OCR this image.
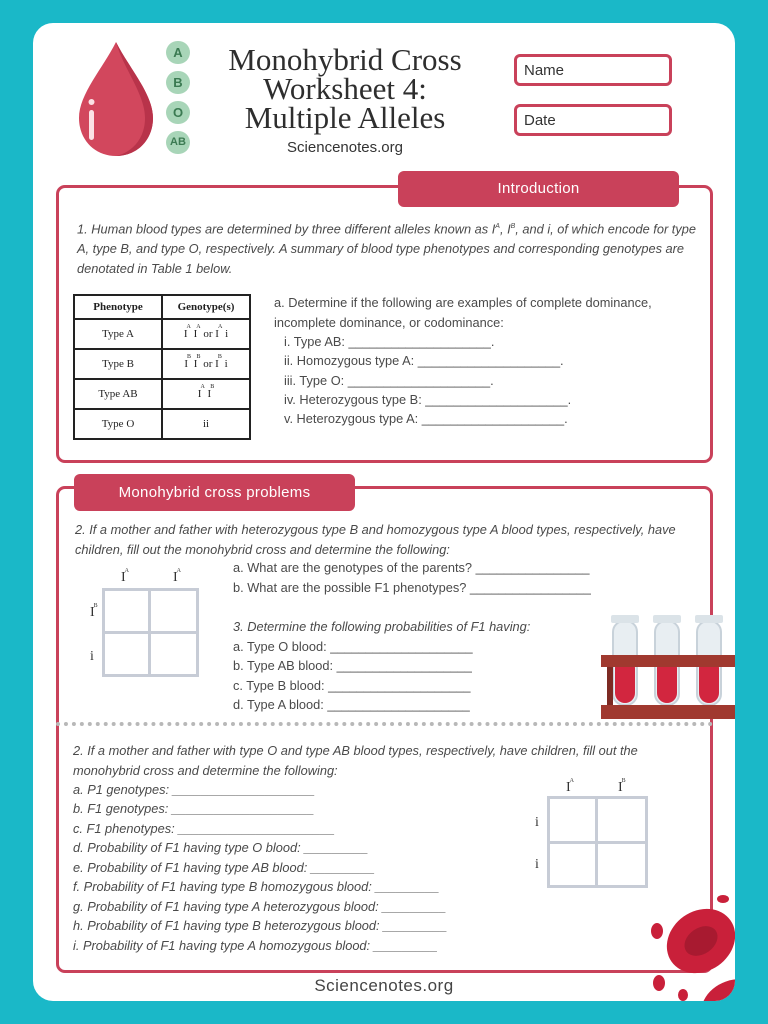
A
B
O
AB
Monohybrid Cross
Worksheet 4:
Multiple Alleles
Sciencenotes.org
Name
Date
Introduction
1. Human blood types are determined by three different alleles known as $I^A$, $I^B$, and i, of which encode for type A, type B, and type O, respectively. A summary of blood type phenotypes and corresponding genotypes are denotated in Table 1 below.
Phenotype	Genotype(s)
Type A	$I^A$ $I^A$ or $I^A$ i
Type B	$I^B$ $I^B$ or $I^B$ i
Type AB	$I^A$ $I^B$
Type O	ii
a. Determine if the following are examples of complete dominance, incomplete dominance, or codominance:
i. Type AB: ____________________.
ii. Homozygous type A: ____________________.
iii. Type O: ____________________.
iv. Heterozygous type B: ____________________.
v. Heterozygous type A: ____________________.
Monohybrid cross problems
2. If a mother and father with heterozygous type B and homozygous type A blood types, respectively, have children, fill out the monohybrid cross and determine the following:
a. What are the genotypes of the parents? ________________
b. What are the possible F1 phenotypes? _________________
$I^A$	$I^A$
$I^B$
i
3. Determine the following probabilities of F1 having:
a. Type O blood: ____________________
b. Type AB blood: ___________________
c. Type B blood: ____________________
d. Type A blood: ____________________
2. If a mother and father with type O and type AB blood types, respectively, have children, fill out the monohybrid cross and determine the following:
a. P1 genotypes: ____________________
b. F1 genotypes: ____________________
c. F1 phenotypes: ______________________
d. Probability of F1 having type O blood: _________
e. Probability of F1 having type AB blood: _________
f. Probability of F1 having type B homozygous blood: _________
g. Probability of F1 having type A heterozygous blood: _________
h. Probability of F1 having type B heterozygous blood: _________
i. Probability of F1 having type A homozygous blood: _________
$I^A$	$I^B$
i
i
Sciencenotes.org
